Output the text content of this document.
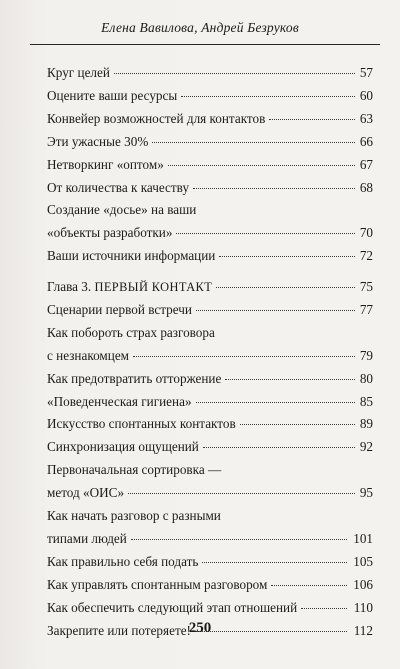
Елена Вавилова, Андрей Безруков
Круг целей	57
Оцените ваши ресурсы	60
Конвейер возможностей для контактов	63
Эти ужасные 30%	66
Нетворкинг «оптом»	67
От количества к качеству	68
Создание «досье» на ваши
«объекты разработки»	70
Ваши источники информации	72
Глава 3. ПЕРВЫЙ КОНТАКТ	75
Сценарии первой встречи	77
Как побороть страх разговора
с незнакомцем	79
Как предотвратить отторжение	80
«Поведенческая гигиена»	85
Искусство спонтанных контактов	89
Синхронизация ощущений	92
Первоначальная сортировка —
метод «ОИС»	95
Как начать разговор с разными
типами людей	101
Как правильно себя подать	105
Как управлять спонтанным разговором	106
Как обеспечить следующий этап отношений	110
Закрепите или потеряете!	112
250
